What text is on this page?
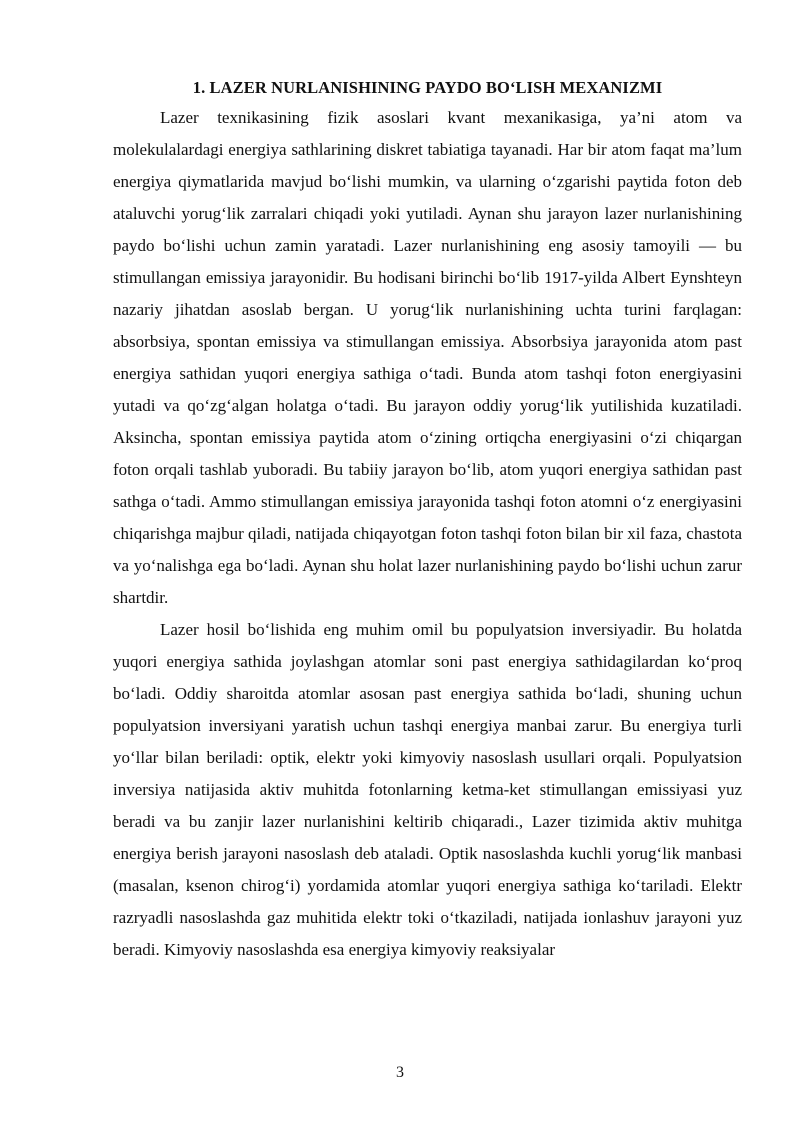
1. LAZER NURLANISHINING PAYDO BO‘LISH MEXANIZMI

Lazer texnikasining fizik asoslari kvant mexanikasiga, ya’ni atom va molekulalardagi energiya sathlarining diskret tabiatiga tayanadi. Har bir atom faqat ma’lum energiya qiymatlarida mavjud bo‘lishi mumkin, va ularning o‘zgarishi paytida foton deb ataluvchi yorug‘lik zarralari chiqadi yoki yutiladi. Aynan shu jarayon lazer nurlanishining paydo bo‘lishi uchun zamin yaratadi. Lazer nurlanishining eng asosiy tamoyili — bu stimullangan emissiya jarayonidir. Bu hodisani birinchi bo‘lib 1917-yilda Albert Eynshteyn nazariy jihatdan asoslab bergan. U yorug‘lik nurlanishining uchta turini farqlagan: absorbsiya, spontan emissiya va stimullangan emissiya. Absorbsiya jarayonida atom past energiya sathidan yuqori energiya sathiga o‘tadi. Bunda atom tashqi foton energiyasini yutadi va qo‘zg‘algan holatga o‘tadi. Bu jarayon oddiy yorug‘lik yutilishida kuzatiladi. Aksincha, spontan emissiya paytida atom o‘zining ortiqcha energiyasini o‘zi chiqargan foton orqali tashlab yuboradi. Bu tabiiy jarayon bo‘lib, atom yuqori energiya sathidan past sathga o‘tadi. Ammo stimullangan emissiya jarayonida tashqi foton atomni o‘z energiyasini chiqarishga majbur qiladi, natijada chiqayotgan foton tashqi foton bilan bir xil faza, chastota va yo‘nalishga ega bo‘ladi. Aynan shu holat lazer nurlanishining paydo bo‘lishi uchun zarur shartdir.

Lazer hosil bo‘lishida eng muhim omil bu populyatsion inversiyadir. Bu holatda yuqori energiya sathida joylashgan atomlar soni past energiya sathidagilardan ko‘proq bo‘ladi. Oddiy sharoitda atomlar asosan past energiya sathida bo‘ladi, shuning uchun populyatsion inversiyani yaratish uchun tashqi energiya manbai zarur. Bu energiya turli yo‘llar bilan beriladi: optik, elektr yoki kimyoviy nasoslash usullari orqali. Populyatsion inversiya natijasida aktiv muhitda fotonlarning ketma-ket stimullangan emissiyasi yuz beradi va bu zanjir lazer nurlanishini keltirib chiqaradi., Lazer tizimida aktiv muhitga energiya berish jarayoni nasoslash deb ataladi. Optik nasoslashda kuchli yorug‘lik manbasi (masalan, ksenon chirog‘i) yordamida atomlar yuqori energiya sathiga ko‘tariladi. Elektr razryadli nasoslashda gaz muhitida elektr toki o‘tkaziladi, natijada ionlashuv jarayoni yuz beradi. Kimyoviy nasoslashda esa energiya kimyoviy reaksiyalar

3
